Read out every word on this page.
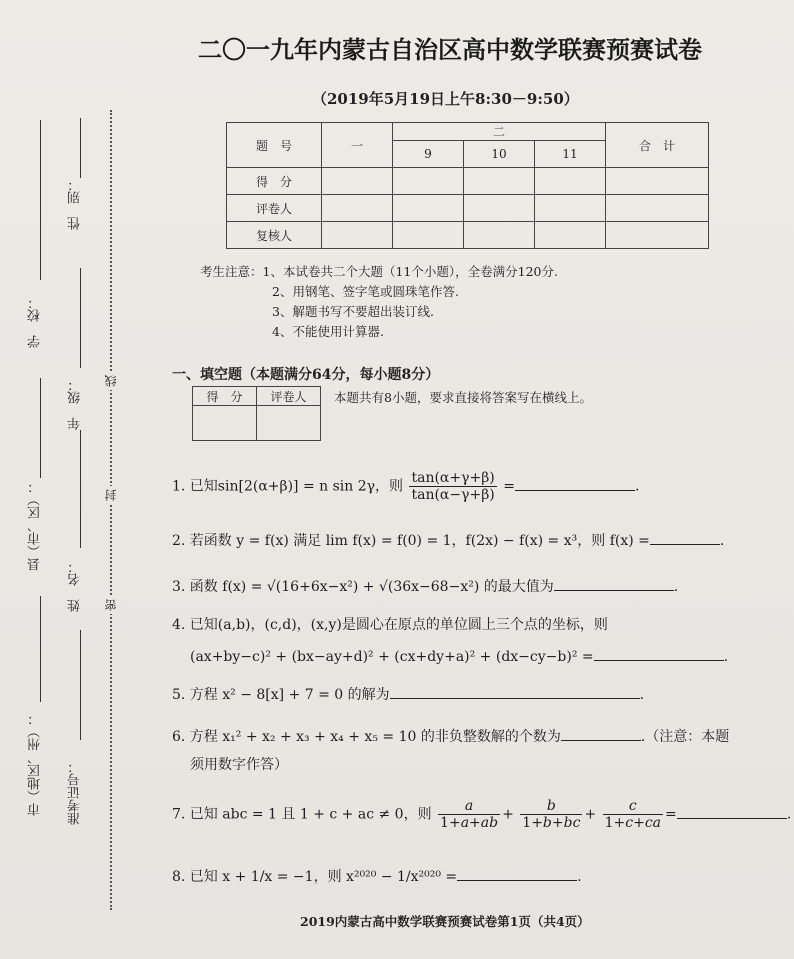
性　别：
学　校：
年　级：
县（市、区）：
姓　名：
市（地区、州）： 准考证号：
线
封
密
二〇一九年内蒙古自治区高中数学联赛预赛试卷
（2019年5月19日上午8:30－9:50）
题　号	一	二			合　计
		9	10	11	
得　分					
评卷人					
复核人					
考生注意：1、本试卷共二个大题（11个小题），全卷满分120分.
2、用钢笔、签字笔或圆珠笔作答.
3、解题书写不要超出装订线.
4、不能使用计算器.
一、填空题（本题满分64分，每小题8分）
得　分	评卷人
	本题共有8小题，要求直接将答案写在横线上。
1. 已知sin[2(α+β)] = n sin 2γ，则 $\frac{\tan(\alpha+\gamma+\beta)}{\tan(\alpha-\gamma+\beta)}$ =	.
2. 若函数 y = f(x) 满足 lim f(x) = f(0) = 1，f(2x) − f(x) = x³，则 f(x) =	.
3. 函数 f(x) = √(16+6x−x²) + √(36x−68−x²) 的最大值为	.
4. 已知(a,b)，(c,d)，(x,y)是圆心在原点的单位圆上三个点的坐标，则
(ax+by−c)² + (bx−ay+d)² + (cx+dy+a)² + (dx−cy−b)² =	.
5. 方程 x² − 8[x] + 7 = 0 的解为	.
6. 方程 x₁² + x₂ + x₃ + x₄ + x₅ = 10 的非负整数解的个数为	.（注意：本题
须用数字作答）
7. 已知 abc = 1 且 1 + c + ac ≠ 0，则 $\frac{a}{1+a+ab} + \frac{b}{1+b+bc} + \frac{c}{1+c+ca}$ =	.
8. 已知 x + 1/x = −1，则 x²⁰²⁰ − 1/x²⁰²⁰ =	.
2019内蒙古高中数学联赛预赛试卷第1页（共4页）
